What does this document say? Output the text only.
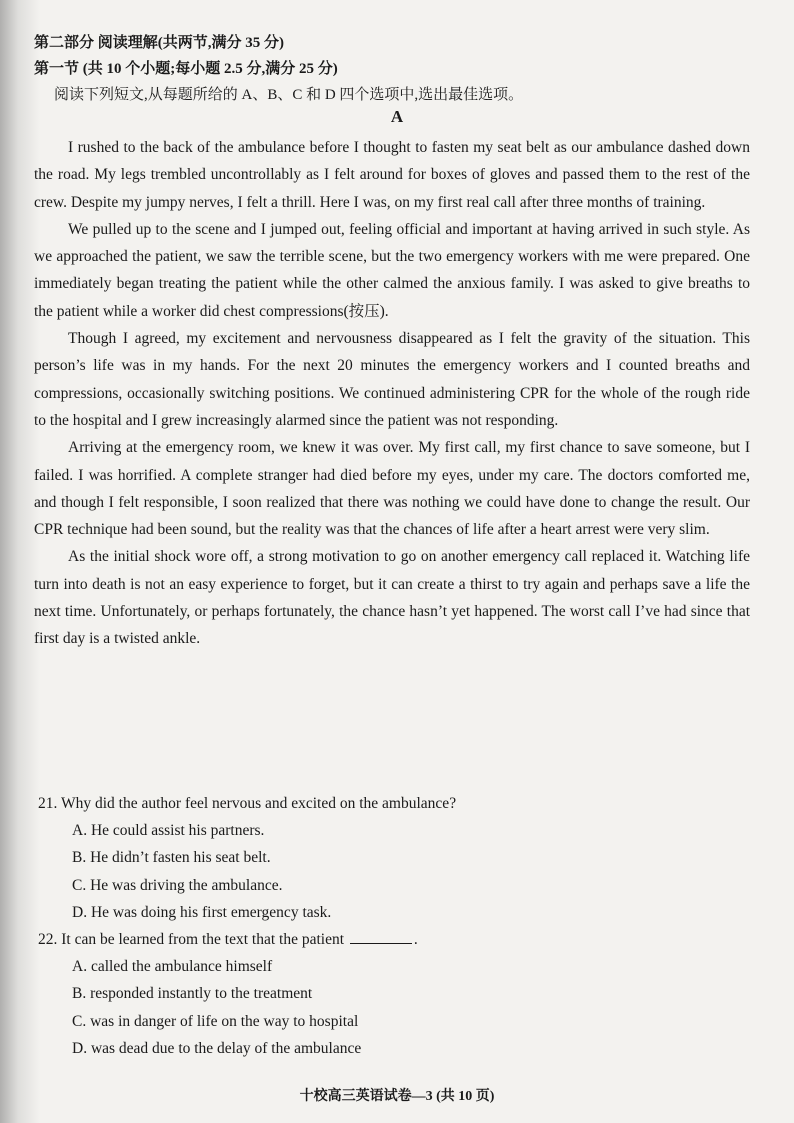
第二部分 阅读理解(共两节,满分 35 分)
第一节 (共 10 个小题;每小题 2.5 分,满分 25 分)
阅读下列短文,从每题所给的 A、B、C 和 D 四个选项中,选出最佳选项。
A

I rushed to the back of the ambulance before I thought to fasten my seat belt as our ambulance dashed down the road. My legs trembled uncontrollably as I felt around for boxes of gloves and passed them to the rest of the crew. Despite my jumpy nerves, I felt a thrill. Here I was, on my first real call after three months of training.

We pulled up to the scene and I jumped out, feeling official and important at having arrived in such style. As we approached the patient, we saw the terrible scene, but the two emergency workers with me were prepared. One immediately began treating the patient while the other calmed the anxious family. I was asked to give breaths to the patient while a worker did chest compressions(按压).

Though I agreed, my excitement and nervousness disappeared as I felt the gravity of the situation. This person’s life was in my hands. For the next 20 minutes the emergency workers and I counted breaths and compressions, occasionally switching positions. We continued administering CPR for the whole of the rough ride to the hospital and I grew increasingly alarmed since the patient was not responding.

Arriving at the emergency room, we knew it was over. My first call, my first chance to save someone, but I failed. I was horrified. A complete stranger had died before my eyes, under my care. The doctors comforted me, and though I felt responsible, I soon realized that there was nothing we could have done to change the result. Our CPR technique had been sound, but the reality was that the chances of life after a heart arrest were very slim.

As the initial shock wore off, a strong motivation to go on another emergency call replaced it. Watching life turn into death is not an easy experience to forget, but it can create a thirst to try again and perhaps save a life the next time. Unfortunately, or perhaps fortunately, the chance hasn’t yet happened. The worst call I’ve had since that first day is a twisted ankle.

21. Why did the author feel nervous and excited on the ambulance?

A. He could assist his partners.

B. He didn’t fasten his seat belt.

C. He was driving the ambulance.

D. He was doing his first emergency task.

22. It can be learned from the text that the patient	.

A. called the ambulance himself

B. responded instantly to the treatment

C. was in danger of life on the way to hospital

D. was dead due to the delay of the ambulance

十校高三英语试卷—3 (共 10 页)
